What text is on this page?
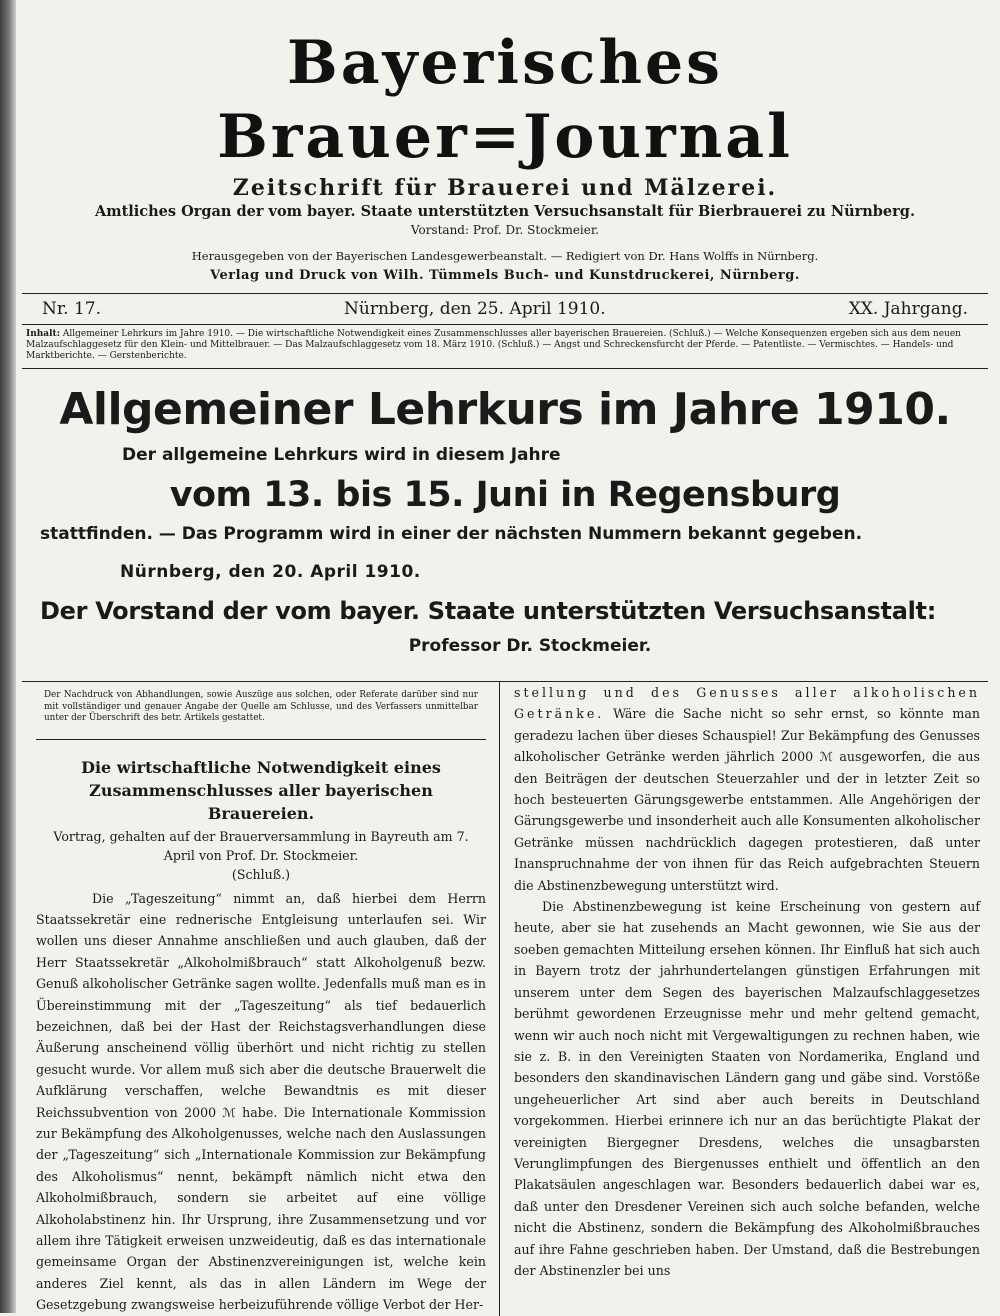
Bayerisches Brauer=Journal
Zeitschrift für Brauerei und Mälzerei.
Amtliches Organ der vom bayer. Staate unterstützten Versuchsanstalt für Bierbrauerei zu Nürnberg.
Vorstand: Prof. Dr. Stockmeier.
Herausgegeben von der Bayerischen Landesgewerbeanstalt. — Redigiert von Dr. Hans Wolffs in Nürnberg.
Verlag und Druck von Wilh. Tümmels Buch- und Kunstdruckerei, Nürnberg.
Nr. 17.	Nürnberg, den 25. April 1910.	XX. Jahrgang.
Inhalt: Allgemeiner Lehrkurs im Jahre 1910. — Die wirtschaftliche Notwendigkeit eines Zusammenschlusses aller bayerischen Brauereien. (Schluß.) — Welche Konsequenzen ergeben sich aus dem neuen Malzaufschlaggesetz für den Klein- und Mittelbrauer. — Das Malzaufschlaggesetz vom 18. März 1910. (Schluß.) — Angst und Schreckensfurcht der Pferde. — Patentliste. — Vermischtes. — Handels- und Marktberichte. — Gerstenberichte.
Allgemeiner Lehrkurs im Jahre 1910.
Der allgemeine Lehrkurs wird in diesem Jahre
vom 13. bis 15. Juni in Regensburg
stattfinden. — Das Programm wird in einer der nächsten Nummern bekannt gegeben.
Nürnberg, den 20. April 1910.
Der Vorstand der vom bayer. Staate unterstützten Versuchsanstalt:
Professor Dr. Stockmeier.
Der Nachdruck von Abhandlungen, sowie Auszüge aus solchen, oder Referate darüber sind nur mit vollständiger und genauer Angabe der Quelle am Schlusse, und des Verfassers unmittelbar unter der Überschrift des betr. Artikels gestattet.
Die wirtschaftliche Notwendigkeit eines Zusammenschlusses aller bayerischen Brauereien.
Vortrag, gehalten auf der Brauerversammlung in Bayreuth am 7. April von Prof. Dr. Stockmeier.
(Schluß.)

Die „Tageszeitung“ nimmt an, daß hierbei dem Herrn Staatssekretär eine rednerische Entgleisung unterlaufen sei. Wir wollen uns dieser Annahme anschließen und auch glauben, daß der Herr Staatssekretär „Alkoholmißbrauch“ statt Alkoholgenuß bezw. Genuß alkoholischer Getränke sagen wollte. Jedenfalls muß man es in Übereinstimmung mit der „Tageszeitung“ als tief bedauerlich bezeichnen, daß bei der Hast der Reichstagsverhandlungen diese Äußerung anscheinend völlig überhört und nicht richtig zu stellen gesucht wurde. Vor allem muß sich aber die deutsche Brauerwelt die Aufklärung verschaffen, welche Bewandtnis es mit dieser Reichssubvention von 2000 ℳ habe. Die Internationale Kommission zur Bekämpfung des Alkoholgenusses, welche nach den Auslassungen der „Tageszeitung“ sich „Internationale Kommission zur Bekämpfung des Alkoholismus“ nennt, bekämpft nämlich nicht etwa den Alkoholmißbrauch, sondern sie arbeitet auf eine völlige Alkoholabstinenz hin. Ihr Ursprung, ihre Zusammensetzung und vor allem ihre Tätigkeit erweisen unzweideutig, daß es das internationale gemeinsame Organ der Abstinenzvereinigungen ist, welche kein anderes Ziel kennt, als das in allen Ländern im Wege der Gesetzgebung zwangsweise herbeizuführende völlige Verbot der Her-

stellung und des Genusses aller alkoholischen Getränke. Wäre die Sache nicht so sehr ernst, so könnte man geradezu lachen über dieses Schauspiel! Zur Bekämpfung des Genusses alkoholischer Getränke werden jährlich 2000 ℳ ausgeworfen, die aus den Beiträgen der deutschen Steuerzahler und der in letzter Zeit so hoch besteuerten Gärungsgewerbe entstammen. Alle Angehörigen der Gärungsgewerbe und insonderheit auch alle Konsumenten alkoholischer Getränke müssen nachdrücklich dagegen protestieren, daß unter Inanspruchnahme der von ihnen für das Reich aufgebrachten Steuern die Abstinenzbewegung unterstützt wird.

Die Abstinenzbewegung ist keine Erscheinung von gestern auf heute, aber sie hat zusehends an Macht gewonnen, wie Sie aus der soeben gemachten Mitteilung ersehen können. Ihr Einfluß hat sich auch in Bayern trotz der jahrhundertelangen günstigen Erfahrungen mit unserem unter dem Segen des bayerischen Malzaufschlaggesetzes berühmt gewordenen Erzeugnisse mehr und mehr geltend gemacht, wenn wir auch noch nicht mit Vergewaltigungen zu rechnen haben, wie sie z. B. in den Vereinigten Staaten von Nordamerika, England und besonders den skandinavischen Ländern gang und gäbe sind. Vorstöße ungeheuerlicher Art sind aber auch bereits in Deutschland vorgekommen. Hierbei erinnere ich nur an das berüchtigte Plakat der vereinigten Biergegner Dresdens, welches die unsagbarsten Verunglimpfungen des Biergenusses enthielt und öffentlich an den Plakatsäulen angeschlagen war. Besonders bedauerlich dabei war es, daß unter den Dresdener Vereinen sich auch solche befanden, welche nicht die Abstinenz, sondern die Bekämpfung des Alkoholmißbrauches auf ihre Fahne geschrieben haben. Der Umstand, daß die Bestrebungen der Abstinenzler bei uns
